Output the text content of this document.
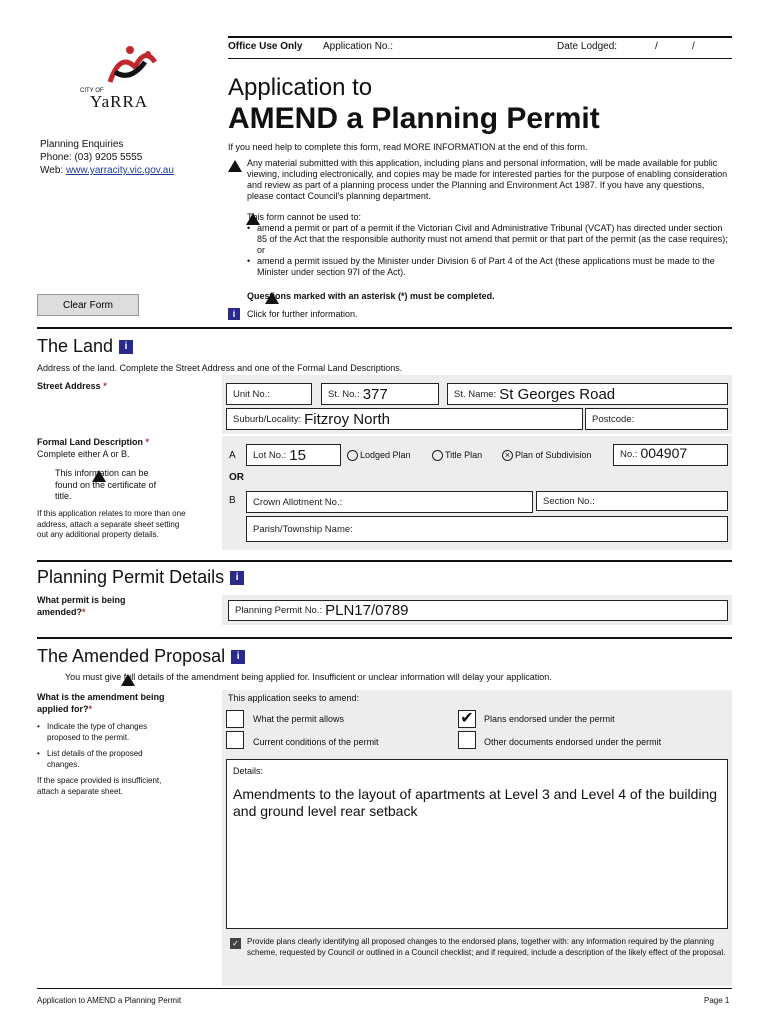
Office Use Only Application No.:	Date Lodged:	/	/
CITY OF
YaRRA
Application to
AMEND a Planning Permit
Planning Enquiries
Phone: (03) 9205 5555
Web: www.yarracity.vic.gov.au
If you need help to complete this form, read MORE INFORMATION at the end of this form.

Any material submitted with this application, including plans and personal information, will be made available for public viewing, including electronically, and copies may be made for interested parties for the purpose of enabling consideration and review as part of a planning process under the Planning and Environment Act 1987. If you have any questions, please contact Council's planning department.

This form cannot be used to:
• amend a permit or part of a permit if the Victorian Civil and Administrative Tribunal (VCAT) has directed under section 85 of the Act that the responsible authority must not amend that permit or that part of the permit (as the case requires); or
• amend a permit issued by the Minister under Division 6 of Part 4 of the Act (these applications must be made to the Minister under section 97I of the Act).

Questions marked with an asterisk (*) must be completed.
i	Click for further information.
Clear Form
The Land i
Address of the land. Complete the Street Address and one of the Formal Land Descriptions.
Street Address *
Unit No.:	St. No.: 377	St. Name: St Georges Road
Suburb/Locality: Fitzroy North	Postcode:
Formal Land Description *
Complete either A or B.

This information can be found on the certificate of title.
If this application relates to more than one address, attach a separate sheet setting out any additional property details.
A Lot No.: 15	Lodged Plan	Title Plan	× Plan of Subdivision	No.: 004907
OR
B Crown Allotment No.:	Section No.:
Parish/Township Name:
Planning Permit Details i
What permit is being amended?*	Planning Permit No.: PLN17/0789
The Amended Proposal i
You must give full details of the amendment being applied for. Insufficient or unclear information will delay your application.
What is the amendment being applied for?*
• Indicate the type of changes proposed to the permit.
• List details of the proposed changes.
If the space provided is insufficient, attach a separate sheet.
This application seeks to amend:
What the permit allows	✔ Plans endorsed under the permit
Current conditions of the permit	Other documents endorsed under the permit
Details:
Amendments to the layout of apartments at Level 3 and Level 4 of the building and ground level rear setback
✓ Provide plans clearly identifying all proposed changes to the endorsed plans, together with: any information required by the planning scheme, requested by Council or outlined in a Council checklist; and if required, include a description of the likely effect of the proposal.
Application to AMEND a Planning Permit	Page 1
